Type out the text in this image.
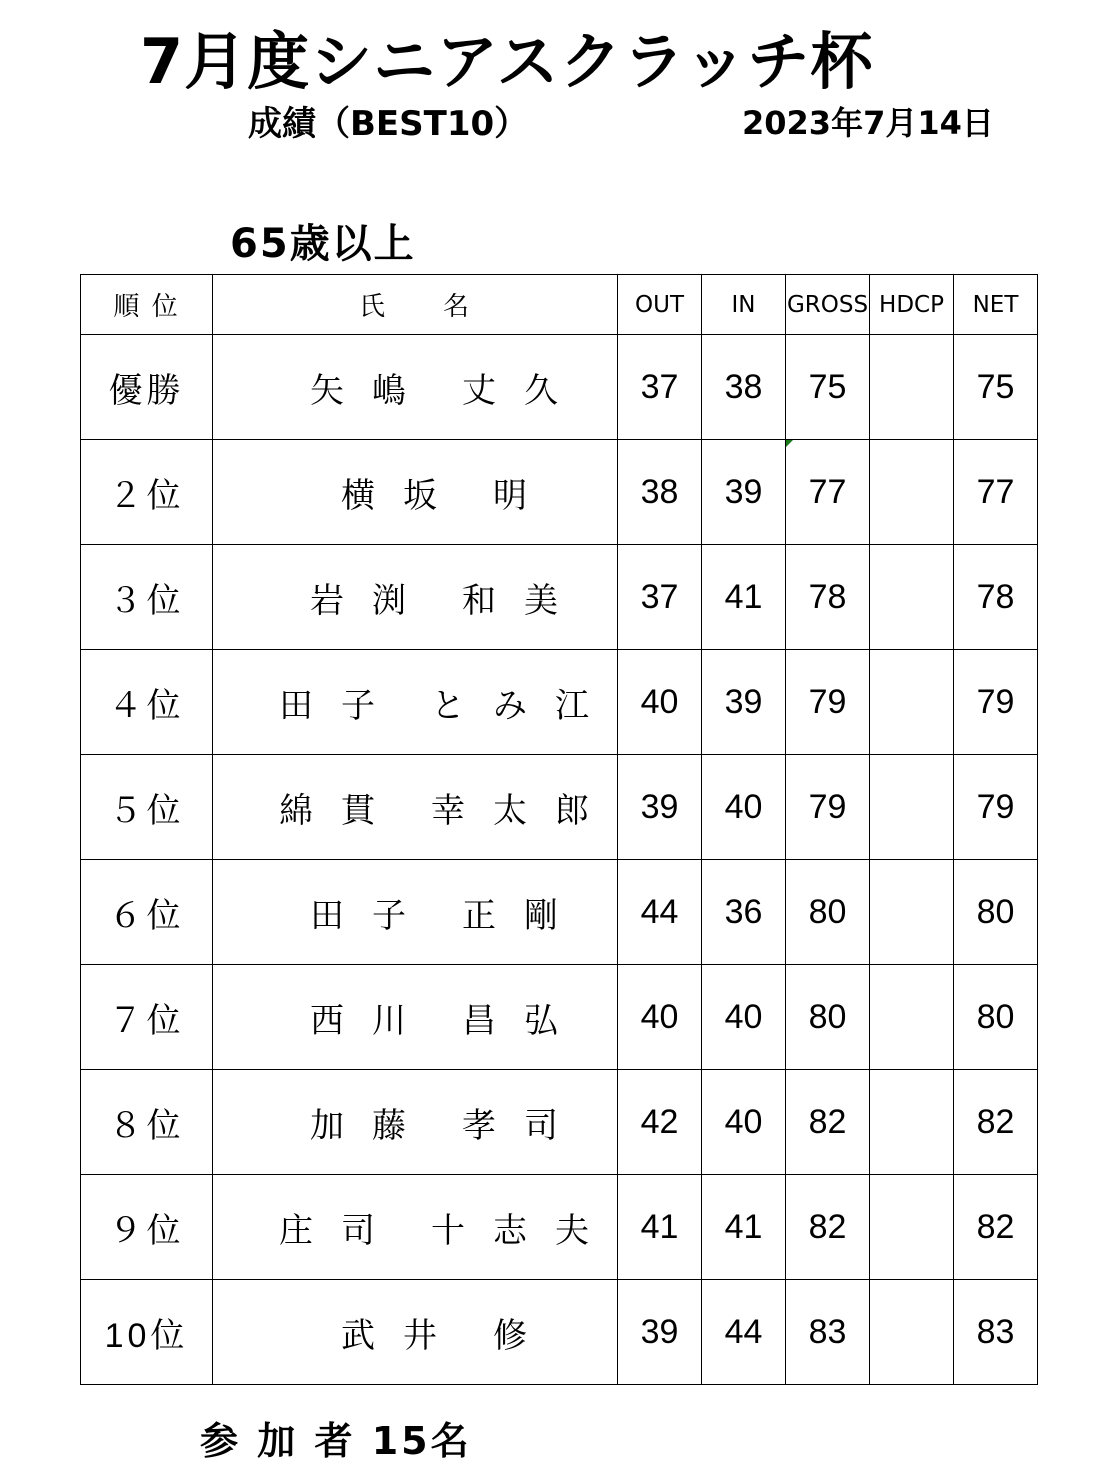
7月度シニアスクラッチ杯
成績（BEST10）	2023年7月14日
65歳以上
順 位	氏　　名	OUT	IN	GROSS	HDCP	NET
優勝	矢嶋 丈久	37	38	75		75
２位	横坂 明	38	39	77		77
３位	岩渕 和美	37	41	78		78
４位	田子 とみ江	40	39	79		79
５位	綿貫 幸太郎	39	40	79		79
６位	田子 正剛	44	36	80		80
７位	西川 昌弘	40	40	80		80
８位	加藤 孝司	42	40	82		82
９位	庄司 十志夫	41	41	82		82
10位	武井 修	39	44	83		83
参 加 者 15名
